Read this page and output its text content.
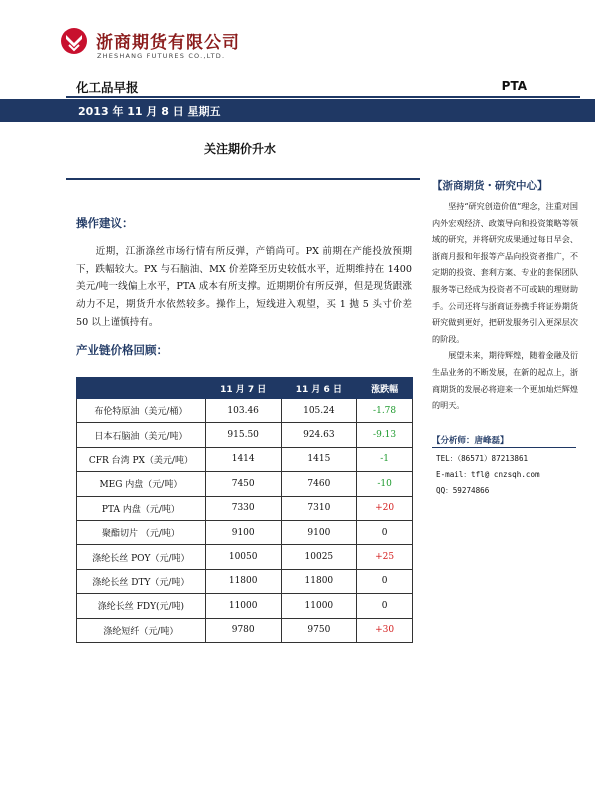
浙商期货有限公司
ZHESHANG FUTURES CO.,LTD.
化工品早报	PTA
2013 年 11 月 8 日 星期五
关注期价升水
操作建议：
近期，江浙涤丝市场行情有所反弹，产销尚可。PX 前期在产能投放预期下，跌幅较大。PX 与石脑油、MX 价差降至历史较低水平，近期维持在 1400 美元/吨一线偏上水平，PTA 成本有所支撑。近期期价有所反弹，但是现货跟涨动力不足，期货升水依然较多。操作上，短线进入观望，买 1 抛 5 头寸价差 50 以上谨慎持有。
产业链价格回顾：
	11 月 7 日	11 月 6 日	涨跌幅
布伦特原油（美元/桶）	103.46	105.24	-1.78
日本石脑油（美元/吨）	915.50	924.63	-9.13
CFR 台湾 PX（美元/吨）	1414	1415	-1
MEG 内盘（元/吨）	7450	7460	-10
PTA 内盘（元/吨）	7330	7310	+20
聚酯切片 （元/吨）	9100	9100	0
涤纶长丝 POY（元/吨）	10050	10025	+25
涤纶长丝 DTY（元/吨）	11800	11800	0
涤纶长丝 FDY(元/吨)	11000	11000	0
涤纶短纤（元/吨）	9780	9750	+30
【浙商期货・研究中心】

坚持“研究创造价值”理念，注重对国内外宏观经济、政策导向和投资策略等领域的研究，并将研究成果通过每日早会、浙商月报和年报等产品向投资者推广，不定期的投资、套利方案、专业的套保团队服务等已经成为投资者不可或缺的理财助手。公司还将与浙商证券携手将证券期货研究做到更好，把研发服务引入更深层次的阶段。

展望未来，期待辉煌，随着金融及衍生品业务的不断发展，在新的起点上，浙商期货的发展必将迎来一个更加灿烂辉煌的明天。

【分析师：唐峰磊】
TEL：（86571）87213861
E-mail：tfl@ cnzsqh.com
QQ：59274866
